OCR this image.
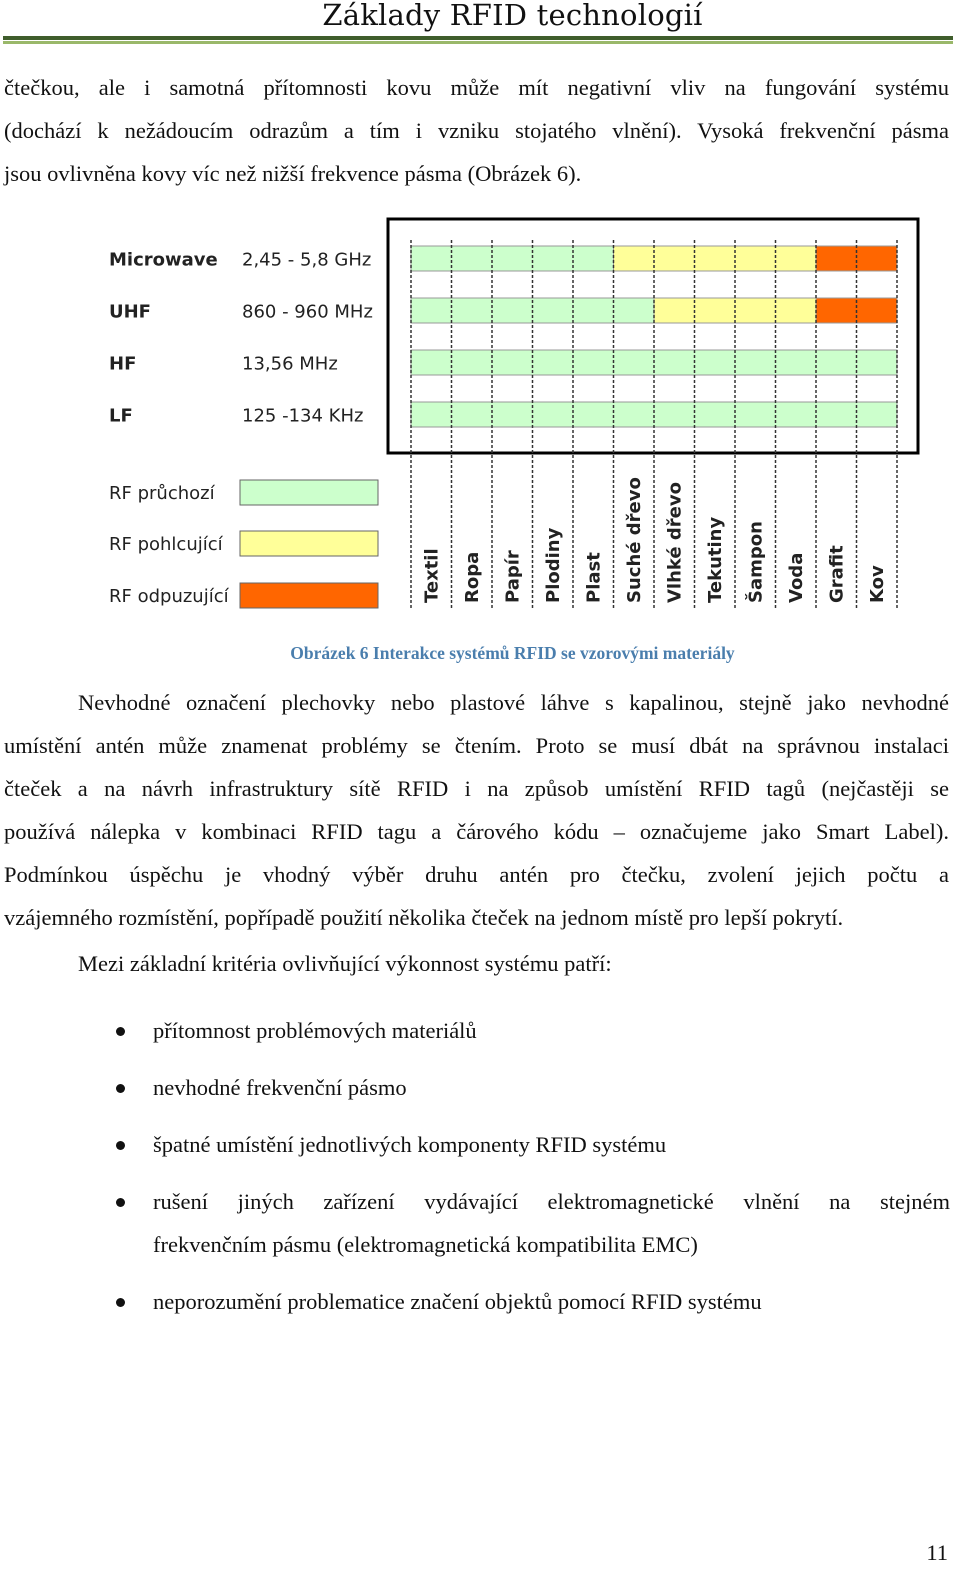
Základy RFID technologií
čtečkou, ale i samotná přítomnosti kovu může mít negativní vliv na fungování systému
(dochází k nežádoucím odrazům a tím i vzniku stojatého vlnění). Vysoká frekvenční pásma
jsou ovlivněna kovy víc než nižší frekvence pásma (Obrázek 6).
Microwave 2,45 - 5,8 GHz
UHF	860 - 960 MHz
HF	13,56 MHz
LF	125 -134 KHz
RF průchozí
RF pohlcující
RF odpuzující	Textil Ropa Papír Plodiny Plast Suché dřevo Vlhké dřevo Tekutiny Šampon Voda Grafit Kov
Obrázek 6 Interakce systémů RFID se vzorovými materiály
Nevhodné označení plechovky nebo plastové láhve s kapalinou, stejně jako nevhodné
umístění antén může znamenat problémy se čtením. Proto se musí dbát na správnou instalaci
čteček a na návrh infrastruktury sítě RFID i na způsob umístění RFID tagů (nejčastěji se
používá nálepka v kombinaci RFID tagu a čárového kódu – označujeme jako Smart Label).
Podmínkou úspěchu je vhodný výběr druhu antén pro čtečku, zvolení jejich počtu a
vzájemného rozmístění, popřípadě použití několika čteček na jednom místě pro lepší pokrytí.
Mezi základní kritéria ovlivňující výkonnost systému patří:
přítomnost problémových materiálů
nevhodné frekvenční pásmo
špatné umístění jednotlivých komponenty RFID systému
rušení jiných zařízení vydávající elektromagnetické vlnění na stejném
frekvenčním pásmu (elektromagnetická kompatibilita EMC)
neporozumění problematice značení objektů pomocí RFID systému
11
